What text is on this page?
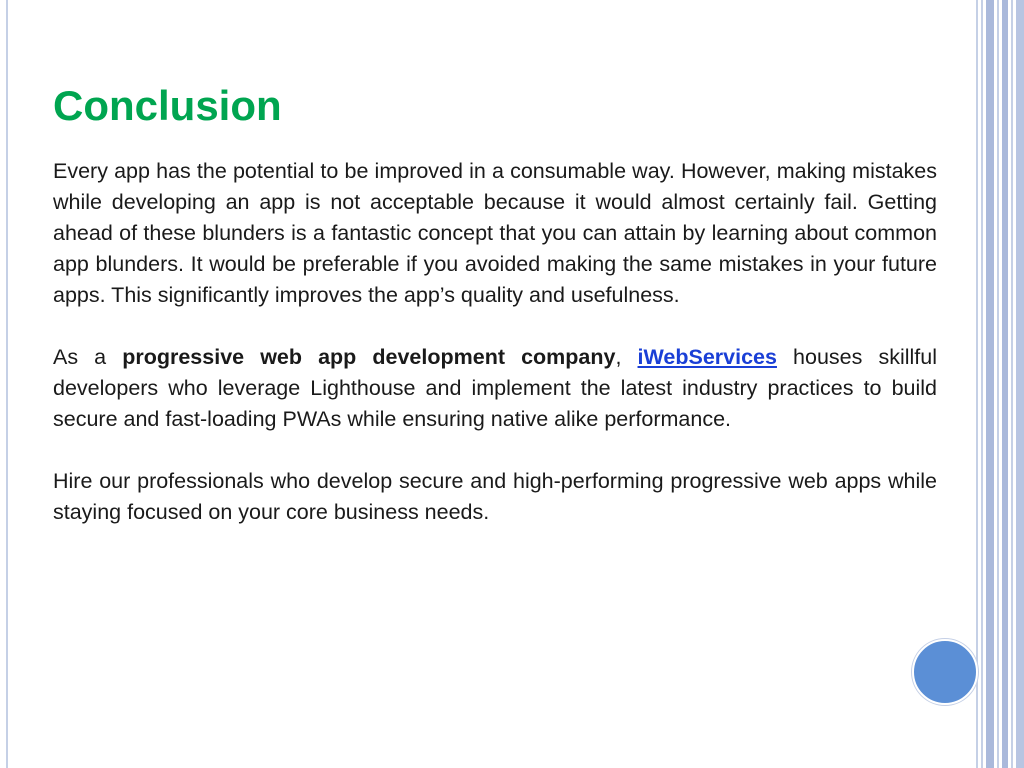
Conclusion

Every app has the potential to be improved in a consumable way. However, making mistakes while developing an app is not acceptable because it would almost certainly fail. Getting ahead of these blunders is a fantastic concept that you can attain by learning about common app blunders. It would be preferable if you avoided making the same mistakes in your future apps. This significantly improves the app’s quality and usefulness.

As a progressive web app development company, iWebServices houses skillful developers who leverage Lighthouse and implement the latest industry practices to build secure and fast-loading PWAs while ensuring native alike performance.

Hire our professionals who develop secure and high-performing progressive web apps while staying focused on your core business needs.
